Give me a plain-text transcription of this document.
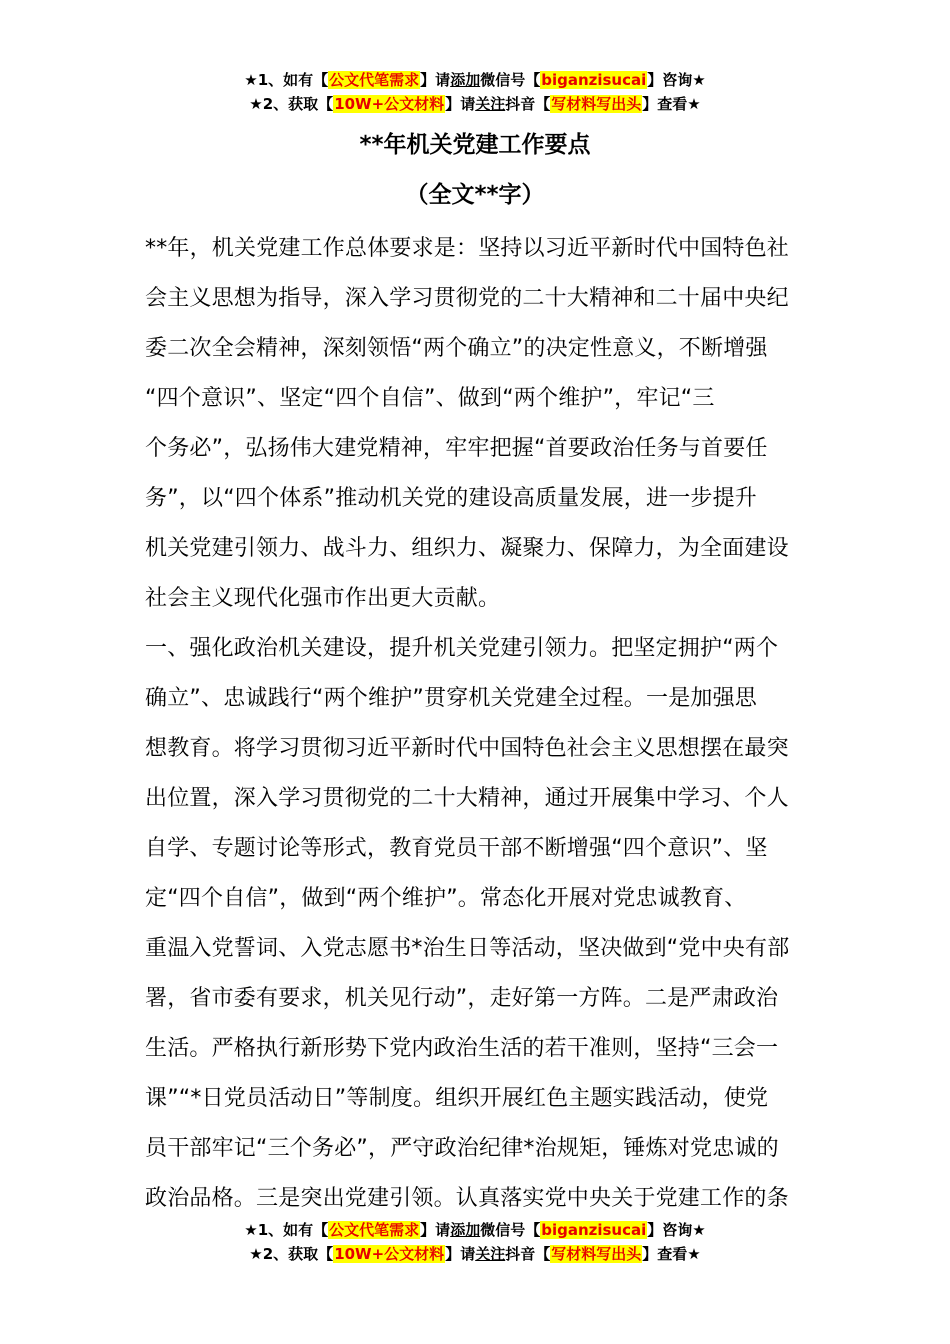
★1、如有【公文代笔需求】请添加微信号【biganzisucai】咨询★
★2、获取【10W+公文材料】请关注抖音【写材料写出头】查看★
**年机关党建工作要点
（全文**字）
**年，机关党建工作总体要求是：坚持以习近平新时代中国特色社
会主义思想为指导，深入学习贯彻党的二十大精神和二十届中央纪
委二次全会精神，深刻领悟“两个确立”的决定性意义，不断增强
“四个意识”、坚定“四个自信”、做到“两个维护”，牢记“三
个务必”，弘扬伟大建党精神，牢牢把握“首要政治任务与首要任
务”，以“四个体系”推动机关党的建设高质量发展，进一步提升
机关党建引领力、战斗力、组织力、凝聚力、保障力，为全面建设
社会主义现代化强市作出更大贡献。
一、强化政治机关建设，提升机关党建引领力。把坚定拥护“两个
确立”、忠诚践行“两个维护”贯穿机关党建全过程。一是加强思
想教育。将学习贯彻习近平新时代中国特色社会主义思想摆在最突
出位置，深入学习贯彻党的二十大精神，通过开展集中学习、个人
自学、专题讨论等形式，教育党员干部不断增强“四个意识”、坚
定“四个自信”，做到“两个维护”。常态化开展对党忠诚教育、
重温入党誓词、入党志愿书*治生日等活动，坚决做到“党中央有部
署，省市委有要求，机关见行动”，走好第一方阵。二是严肃政治
生活。严格执行新形势下党内政治生活的若干准则，坚持“三会一
课”“*日党员活动日”等制度。组织开展红色主题实践活动，使党
员干部牢记“三个务必”，严守政治纪律*治规矩，锤炼对党忠诚的
政治品格。三是突出党建引领。认真落实党中央关于党建工作的条
★1、如有【公文代笔需求】请添加微信号【biganzisucai】咨询★
★2、获取【10W+公文材料】请关注抖音【写材料写出头】查看★
